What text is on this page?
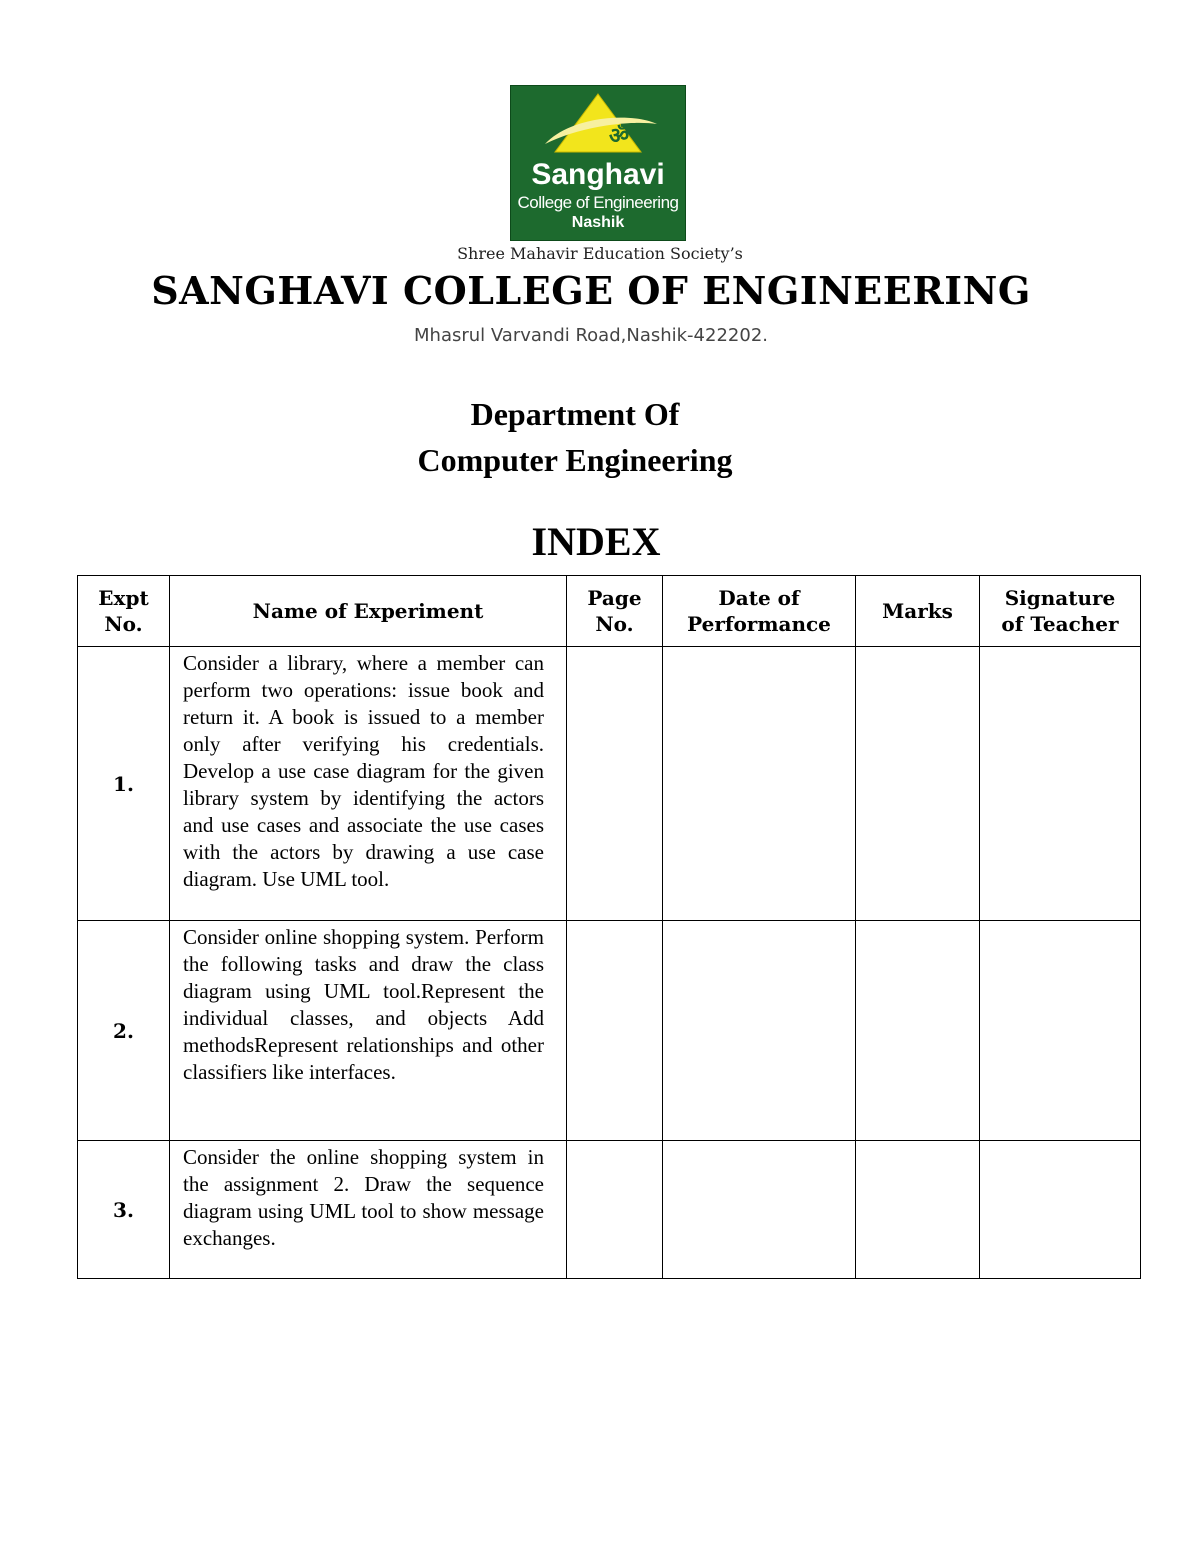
ॐ
Sanghavi
College of Engineering
Nashik
Shree Mahavir Education Society’s
SANGHAVI COLLEGE OF ENGINEERING
Mhasrul Varvandi Road,Nashik-422202.
Department Of
Computer Engineering
INDEX
Expt No.	Name of Experiment	Page No.	Date of Performance	Marks	Signature of Teacher

1.	Consider a library, where a member can perform two operations: issue book and return it. A book is issued to a member only after verifying his credentials. Develop a use case diagram for the given library system by identifying the actors and use cases and associate the use cases with the actors by drawing a use case diagram. Use UML tool.				
2.	Consider online shopping system. Perform the following tasks and draw the class diagram using UML tool.Represent the individual classes, and objects Add methodsRepresent relationships and other classifiers like interfaces.				
3.	Consider the online shopping system in the assignment 2. Draw the sequence diagram using UML tool to show message exchanges.				
